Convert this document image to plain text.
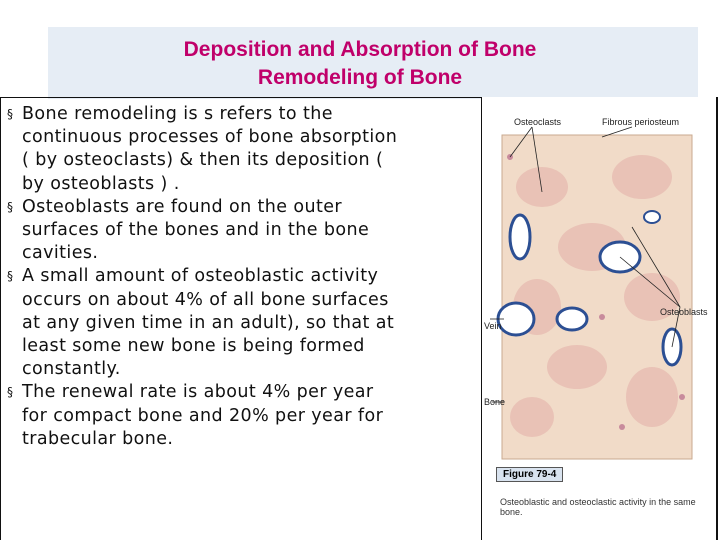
Deposition and Absorption of Bone
Remodeling of Bone
§ Bone remodeling is s refers to the
continuous processes of bone absorption
( by osteoclasts) & then its deposition (
by osteoblasts ) .
§ Osteoblasts are found on the outer
surfaces of the bones and in the bone
cavities.
§ A small amount of osteoblastic activity
occurs on about 4% of all bone surfaces
at any given time in an adult), so that at
least some new bone is being formed
constantly.
§ The renewal rate is about 4% per year
for compact bone and 20% per year for
trabecular bone.
Osteoclasts	Fibrous periosteum
Osteoblasts
Vein
Bone
Figure 79-4
Osteoblastic and osteoclastic activity in the same bone.
